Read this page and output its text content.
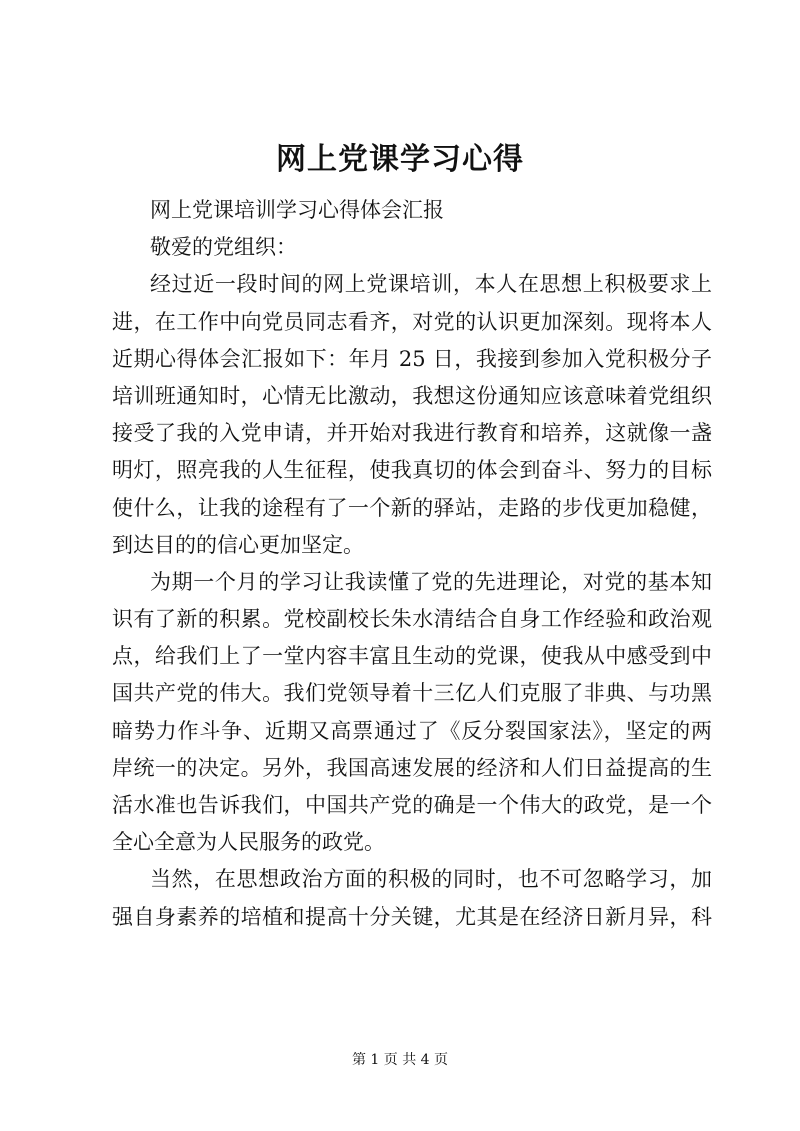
网上党课学习心得
网上党课培训学习心得体会汇报
敬爱的党组织：
经过近一段时间的网上党课培训，本人在思想上积极要求上
进，在工作中向党员同志看齐，对党的认识更加深刻。现将本人
近期心得体会汇报如下：年月 25 日，我接到参加入党积极分子
培训班通知时，心情无比激动，我想这份通知应该意味着党组织
接受了我的入党申请，并开始对我进行教育和培养，这就像一盏
明灯，照亮我的人生征程，使我真切的体会到奋斗、努力的目标
使什么，让我的途程有了一个新的驿站，走路的步伐更加稳健，
到达目的的信心更加坚定。
为期一个月的学习让我读懂了党的先进理论，对党的基本知
识有了新的积累。党校副校长朱水清结合自身工作经验和政治观
点，给我们上了一堂内容丰富且生动的党课，使我从中感受到中
国共产党的伟大。我们党领导着十三亿人们克服了非典、与功黑
暗势力作斗争、近期又高票通过了《反分裂国家法》，坚定的两
岸统一的决定。另外，我国高速发展的经济和人们日益提高的生
活水准也告诉我们，中国共产党的确是一个伟大的政党，是一个
全心全意为人民服务的政党。
当然，在思想政治方面的积极的同时，也不可忽略学习，加
强自身素养的培植和提高十分关键，尤其是在经济日新月异，科
第 1 页 共 4 页
